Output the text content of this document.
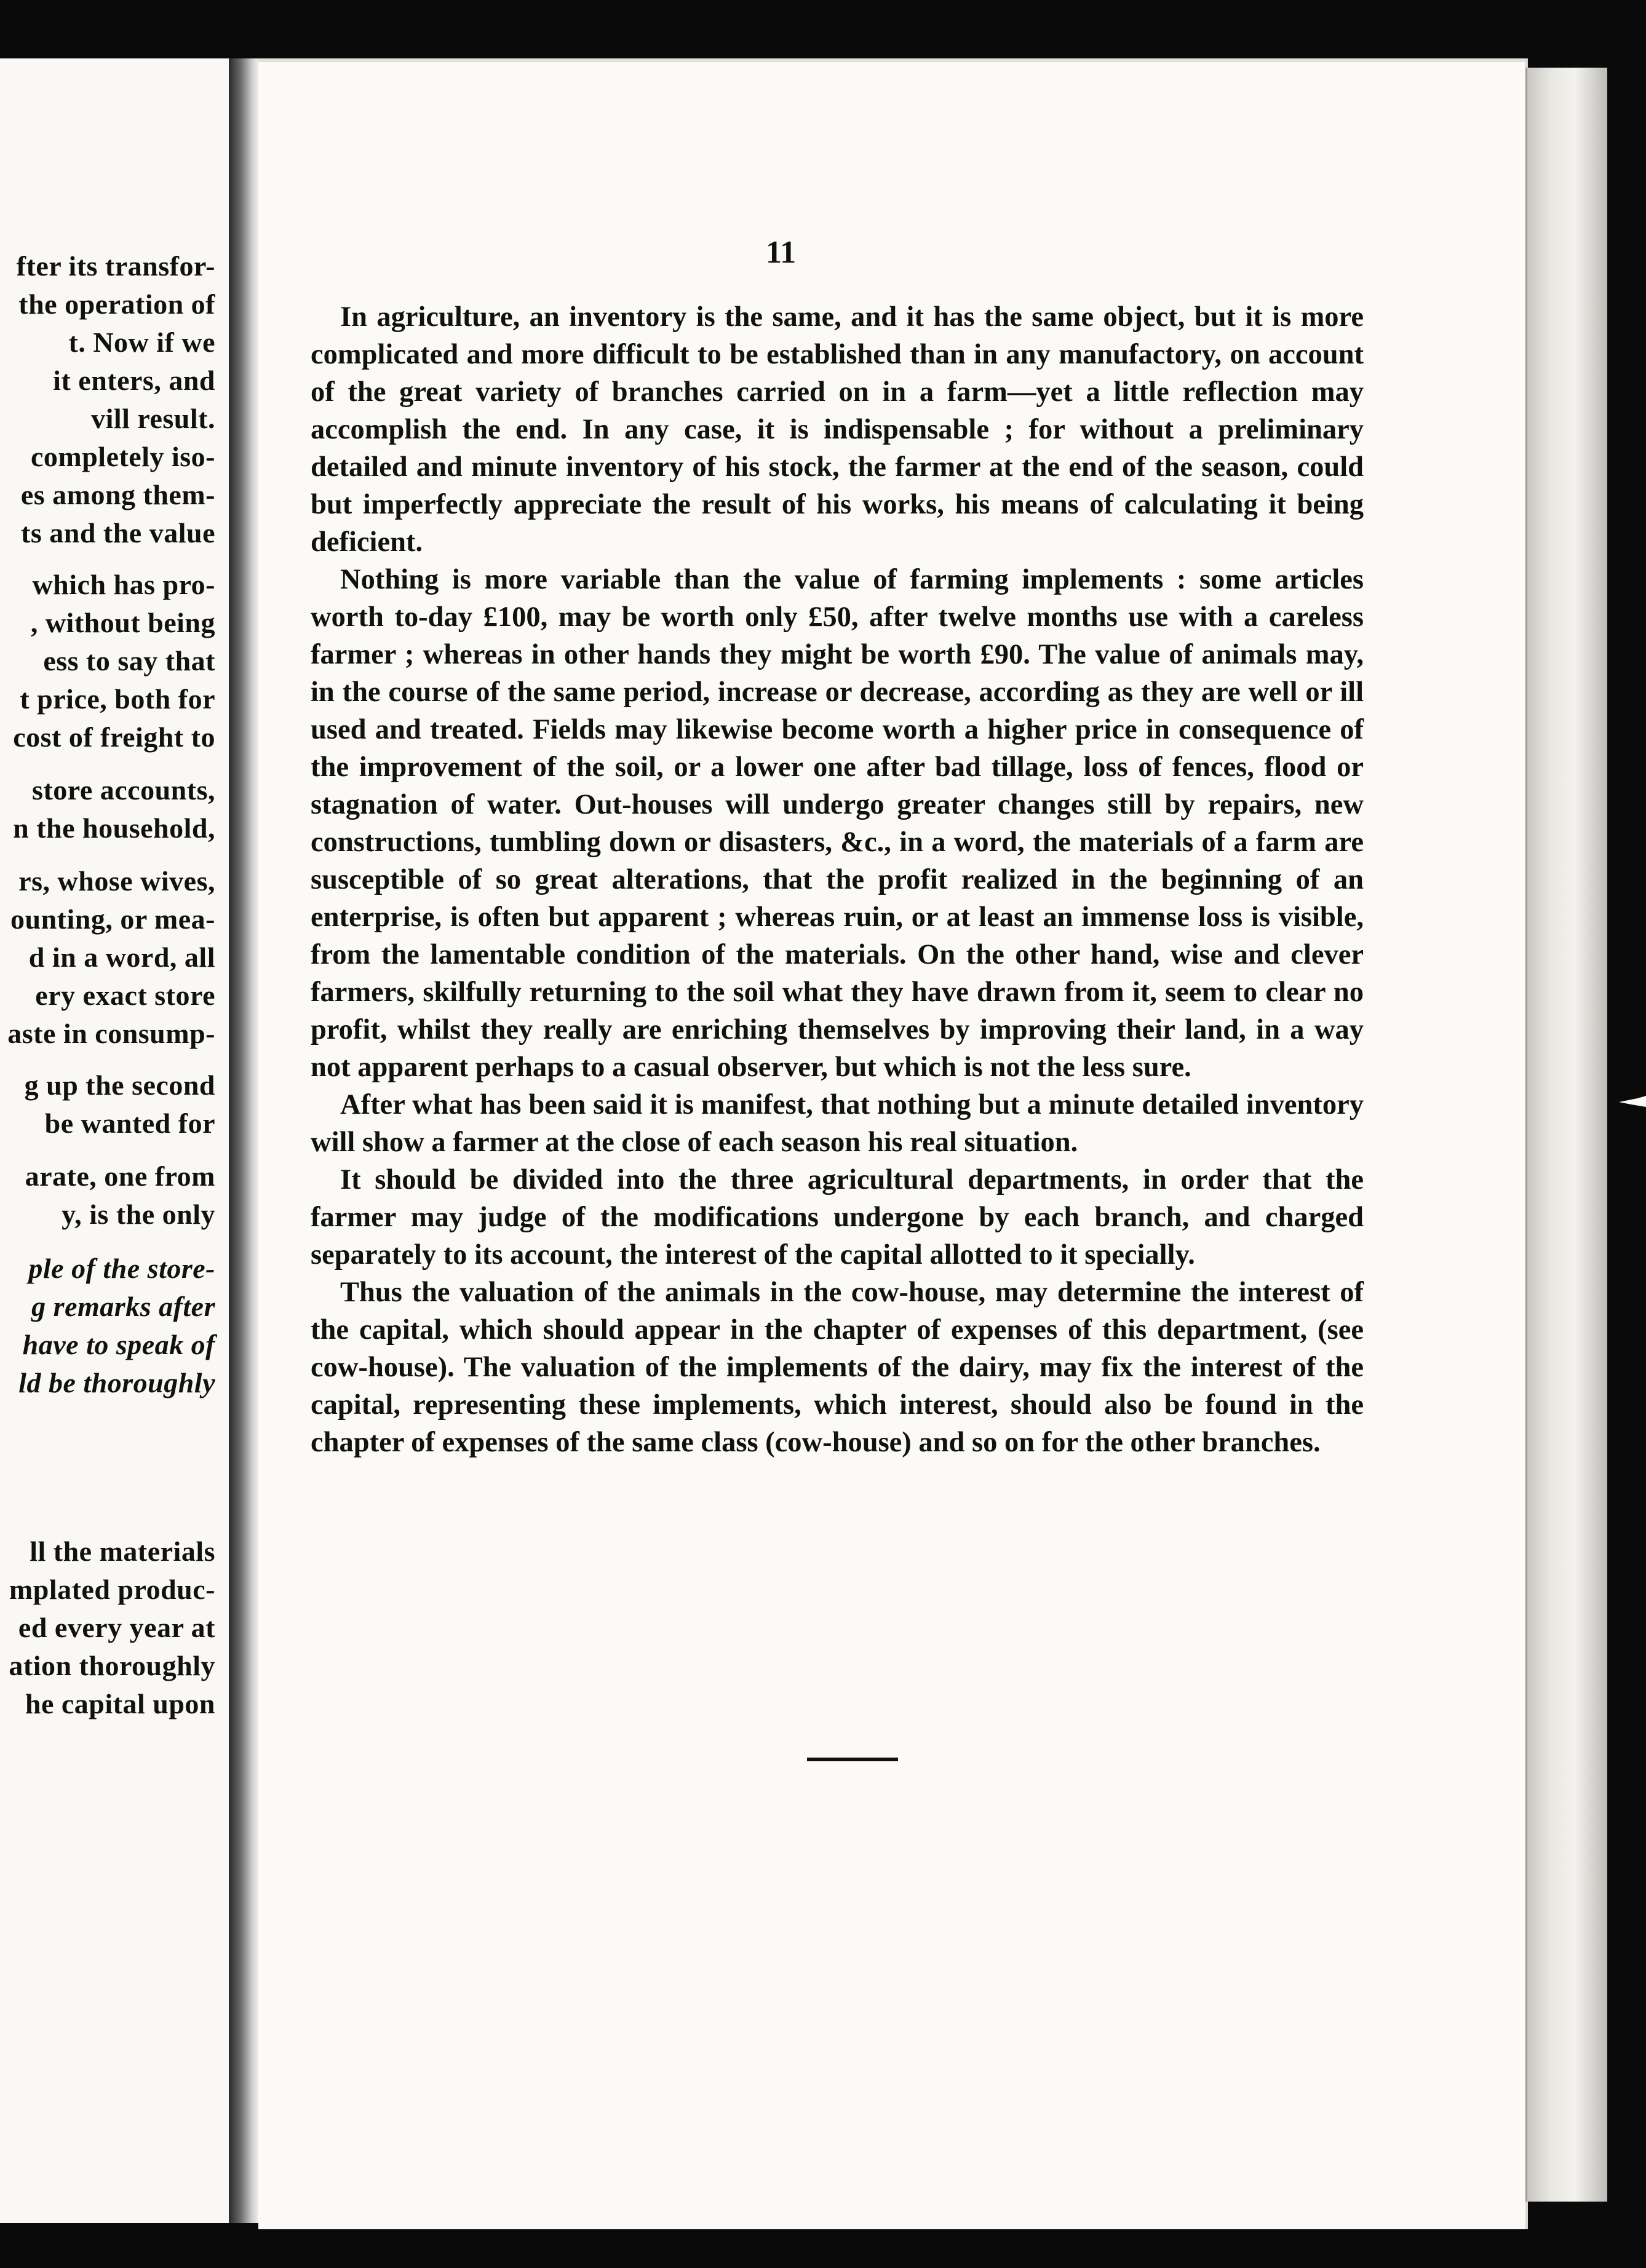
fter its transfor-
the operation of
t. Now if we
it enters, and
vill result.
completely iso-
es among them-
ts and the value
which has pro-
, without being
ess to say that
t price, both for
cost of freight to
store accounts,
n the household,
rs, whose wives,
ounting, or mea-
d in a word, all
ery exact store
aste in consump-
g up the second
be wanted for
arate, one from
y, is the only
ple of the store-
g remarks after
have to speak of
ld be thoroughly
ll the materials
mplated produc-
ed every year at
ation thoroughly
he capital upon
11

In agriculture, an inventory is the same, and it has the same object, but it is more complicated and more difficult to be established than in any manufactory, on account of the great variety of branches carried on in a farm—yet a little reflection may accomplish the end. In any case, it is indispensable ; for without a preliminary detailed and minute inventory of his stock, the farmer at the end of the season, could but imperfectly appreciate the result of his works, his means of calculating it being deficient.

Nothing is more variable than the value of farming implements : some articles worth to-day £100, may be worth only £50, after twelve months use with a careless farmer ; whereas in other hands they might be worth £90. The value of animals may, in the course of the same period, increase or decrease, according as they are well or ill used and treated. Fields may likewise become worth a higher price in consequence of the improvement of the soil, or a lower one after bad tillage, loss of fences, flood or stagnation of water. Out-houses will undergo greater changes still by repairs, new constructions, tumbling down or disasters, &c., in a word, the materials of a farm are susceptible of so great alterations, that the profit realized in the beginning of an enterprise, is often but apparent ; whereas ruin, or at least an immense loss is visible, from the lamentable condition of the materials. On the other hand, wise and clever farmers, skilfully returning to the soil what they have drawn from it, seem to clear no profit, whilst they really are enriching themselves by improving their land, in a way not apparent perhaps to a casual observer, but which is not the less sure.

After what has been said it is manifest, that nothing but a minute detailed inventory will show a farmer at the close of each season his real situation.

It should be divided into the three agricultural departments, in order that the farmer may judge of the modifications undergone by each branch, and charged separately to its account, the interest of the capital allotted to it specially.

Thus the valuation of the animals in the cow-house, may determine the interest of the capital, which should appear in the chapter of expenses of this department, (see cow-house). The valuation of the implements of the dairy, may fix the interest of the capital, representing these implements, which interest, should also be found in the chapter of expenses of the same class (cow-house) and so on for the other branches.
